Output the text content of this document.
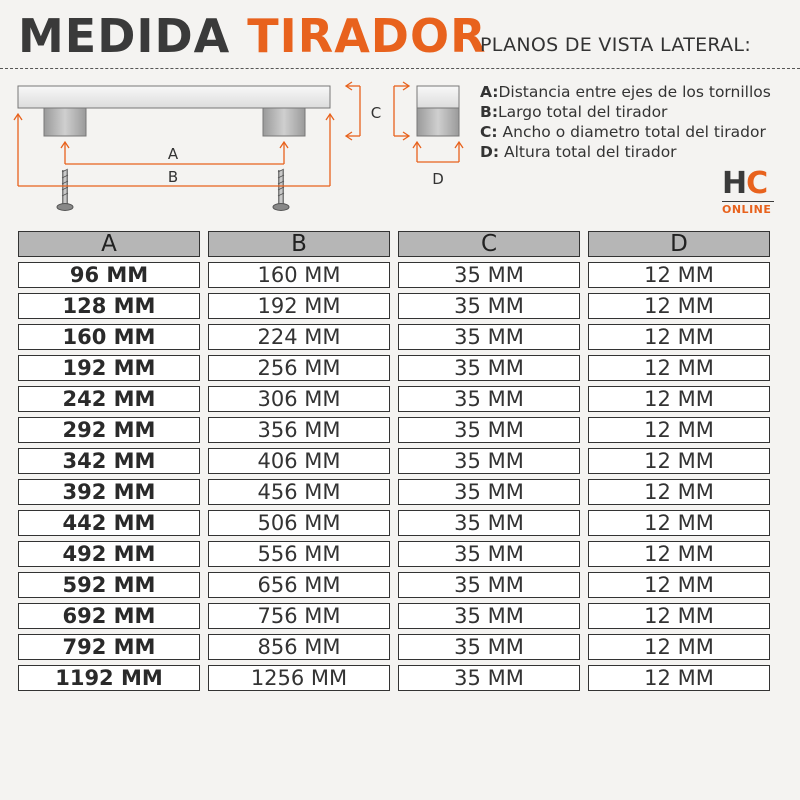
MEDIDA TIRADOR
PLANOS DE VISTA LATERAL:
A
B
C
D
A:Distancia entre ejes de los tornillos
B:Largo total del tirador
C: Ancho o diametro total del tirador
D: Altura total del tirador
HC
ONLINE
A	B	C	D
96 MM	160 MM	35 MM	12 MM
128 MM	192 MM	35 MM	12 MM
160 MM	224 MM	35 MM	12 MM
192 MM	256 MM	35 MM	12 MM
242 MM	306 MM	35 MM	12 MM
292 MM	356 MM	35 MM	12 MM
342 MM	406 MM	35 MM	12 MM
392 MM	456 MM	35 MM	12 MM
442 MM	506 MM	35 MM	12 MM
492 MM	556 MM	35 MM	12 MM
592 MM	656 MM	35 MM	12 MM
692 MM	756 MM	35 MM	12 MM
792 MM	856 MM	35 MM	12 MM
1192 MM	1256 MM	35 MM	12 MM
